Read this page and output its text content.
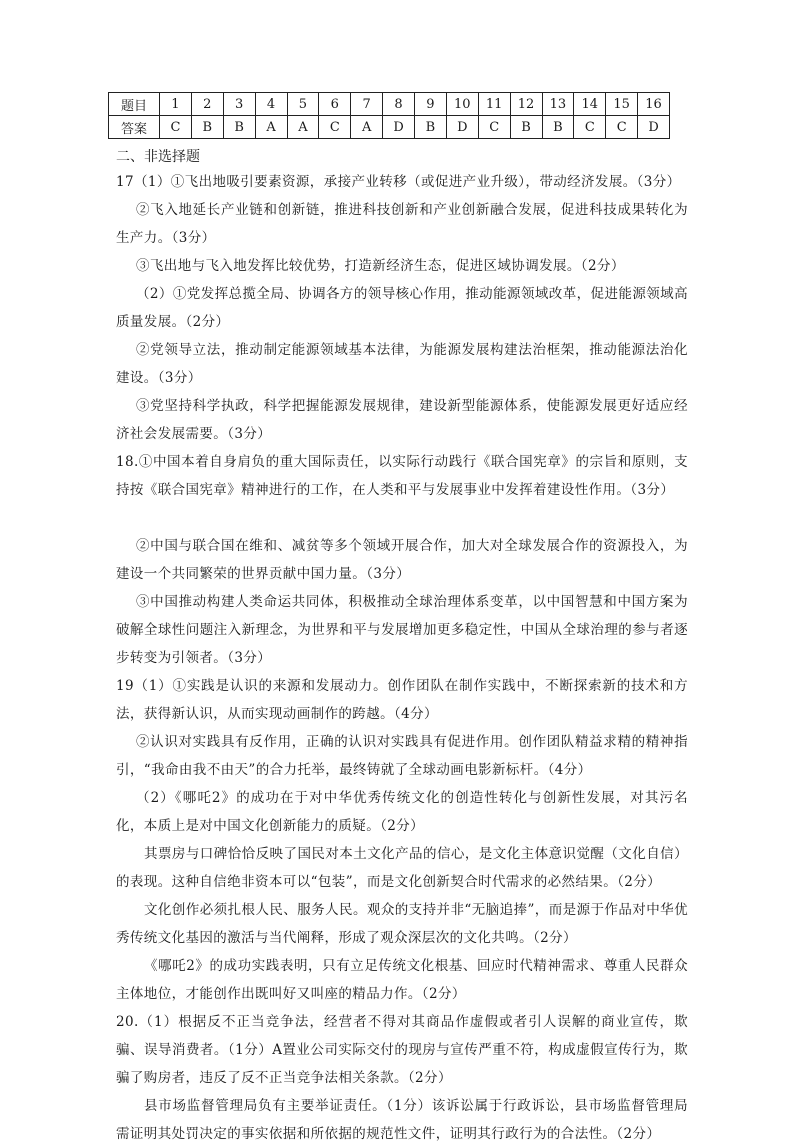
题目	1	2	3	4	5	6	7	8	9	10	11	12	13	14	15	16
答案	C	B	B	A	A	C	A	D	B	D	C	B	B	C	C	D
二、非选择题
17（1）①飞出地吸引要素资源，承接产业转移（或促进产业升级），带动经济发展。（3分）
②飞入地延长产业链和创新链，推进科技创新和产业创新融合发展，促进科技成果转化为生产力。（3分）
③飞出地与飞入地发挥比较优势，打造新经济生态，促进区域协调发展。（2分）
（2）①党发挥总揽全局、协调各方的领导核心作用，推动能源领域改革，促进能源领域高质量发展。（2分）
②党领导立法，推动制定能源领域基本法律，为能源发展构建法治框架，推动能源法治化建设。（3分）
③党坚持科学执政，科学把握能源发展规律，建设新型能源体系，使能源发展更好适应经济社会发展需要。（3分）
18.①中国本着自身肩负的重大国际责任，以实际行动践行《联合国宪章》的宗旨和原则，支持按《联合国宪章》精神进行的工作，在人类和平与发展事业中发挥着建设性作用。（3分）
②中国与联合国在维和、减贫等多个领域开展合作，加大对全球发展合作的资源投入，为建设一个共同繁荣的世界贡献中国力量。（3分）
③中国推动构建人类命运共同体，积极推动全球治理体系变革，以中国智慧和中国方案为破解全球性问题注入新理念，为世界和平与发展增加更多稳定性，中国从全球治理的参与者逐步转变为引领者。（3分）
19（1）①实践是认识的来源和发展动力。创作团队在制作实践中，不断探索新的技术和方法，获得新认识，从而实现动画制作的跨越。（4分）
②认识对实践具有反作用，正确的认识对实践具有促进作用。创作团队精益求精的精神指引，“我命由我不由天”的合力托举，最终铸就了全球动画电影新标杆。（4分）
（2）《哪吒2》的成功在于对中华优秀传统文化的创造性转化与创新性发展，对其污名化，本质上是对中国文化创新能力的质疑。（2分）
其票房与口碑恰恰反映了国民对本土文化产品的信心，是文化主体意识觉醒（文化自信）的表现。这种自信绝非资本可以“包装”，而是文化创新契合时代需求的必然结果。（2分）
文化创作必须扎根人民、服务人民。观众的支持并非“无脑追捧”，而是源于作品对中华优秀传统文化基因的激活与当代阐释，形成了观众深层次的文化共鸣。（2分）
《哪吒2》的成功实践表明，只有立足传统文化根基、回应时代精神需求、尊重人民群众主体地位，才能创作出既叫好又叫座的精品力作。（2分）
20.（1）根据反不正当竞争法，经营者不得对其商品作虚假或者引人误解的商业宣传，欺骗、误导消费者。（1分）A置业公司实际交付的现房与宣传严重不符，构成虚假宣传行为，欺骗了购房者，违反了反不正当竞争法相关条款。（2分）
县市场监督管理局负有主要举证责任。（1分）该诉讼属于行政诉讼，县市场监督管理局需证明其处罚决定的事实依据和所依据的规范性文件，证明其行政行为的合法性。（2分）
